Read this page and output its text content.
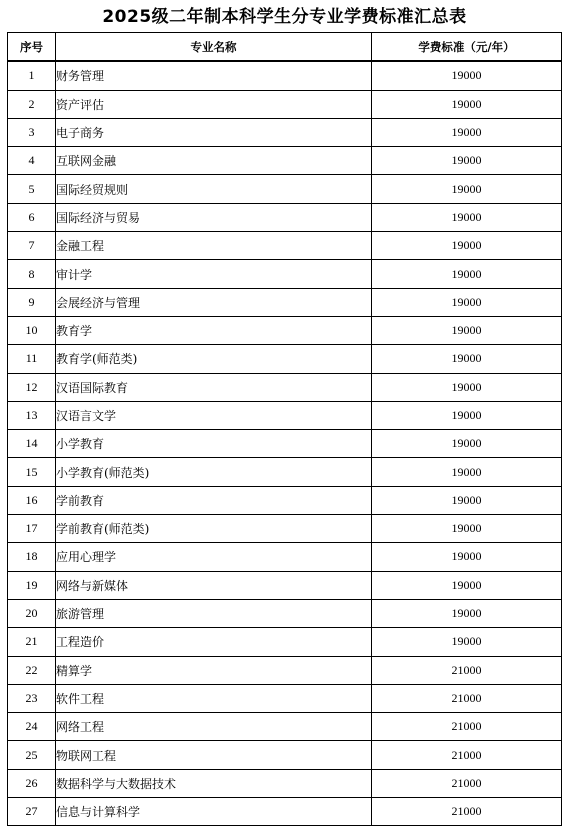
2025级二年制本科学生分专业学费标准汇总表
序号	专业名称	学费标准（元/年）
1	财务管理	19000
2	资产评估	19000
3	电子商务	19000
4	互联网金融	19000
5	国际经贸规则	19000
6	国际经济与贸易	19000
7	金融工程	19000
8	审计学	19000
9	会展经济与管理	19000
10	教育学	19000
11	教育学(师范类)	19000
12	汉语国际教育	19000
13	汉语言文学	19000
14	小学教育	19000
15	小学教育(师范类)	19000
16	学前教育	19000
17	学前教育(师范类)	19000
18	应用心理学	19000
19	网络与新媒体	19000
20	旅游管理	19000
21	工程造价	19000
22	精算学	21000
23	软件工程	21000
24	网络工程	21000
25	物联网工程	21000
26	数据科学与大数据技术	21000
27	信息与计算科学	21000
